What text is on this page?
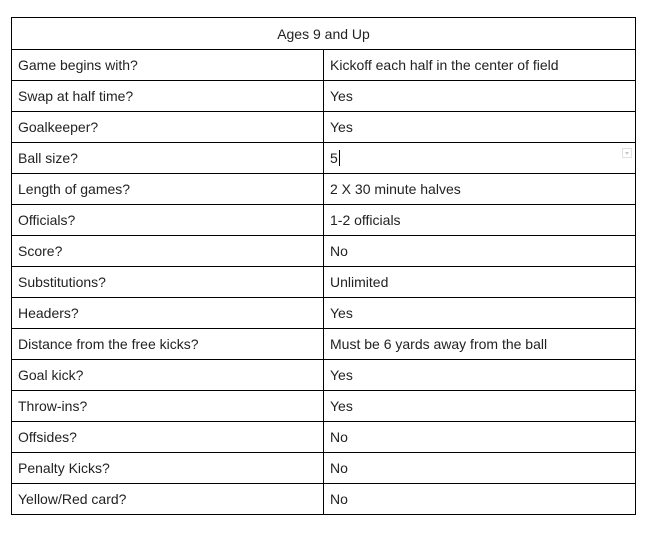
Ages 9 and Up	
Game begins with?	Kickoff each half in the center of field
Swap at half time?	Yes
Goalkeeper?	Yes
Ball size?	5

Length of games?	2 X 30 minute halves
Officials?	1-2 officials
Score?	No
Substitutions?	Unlimited
Headers?	Yes
Distance from the free kicks?	Must be 6 yards away from the ball
Goal kick?	Yes
Throw-ins?	Yes
Offsides?	No
Penalty Kicks?	No
Yellow/Red card?	No
